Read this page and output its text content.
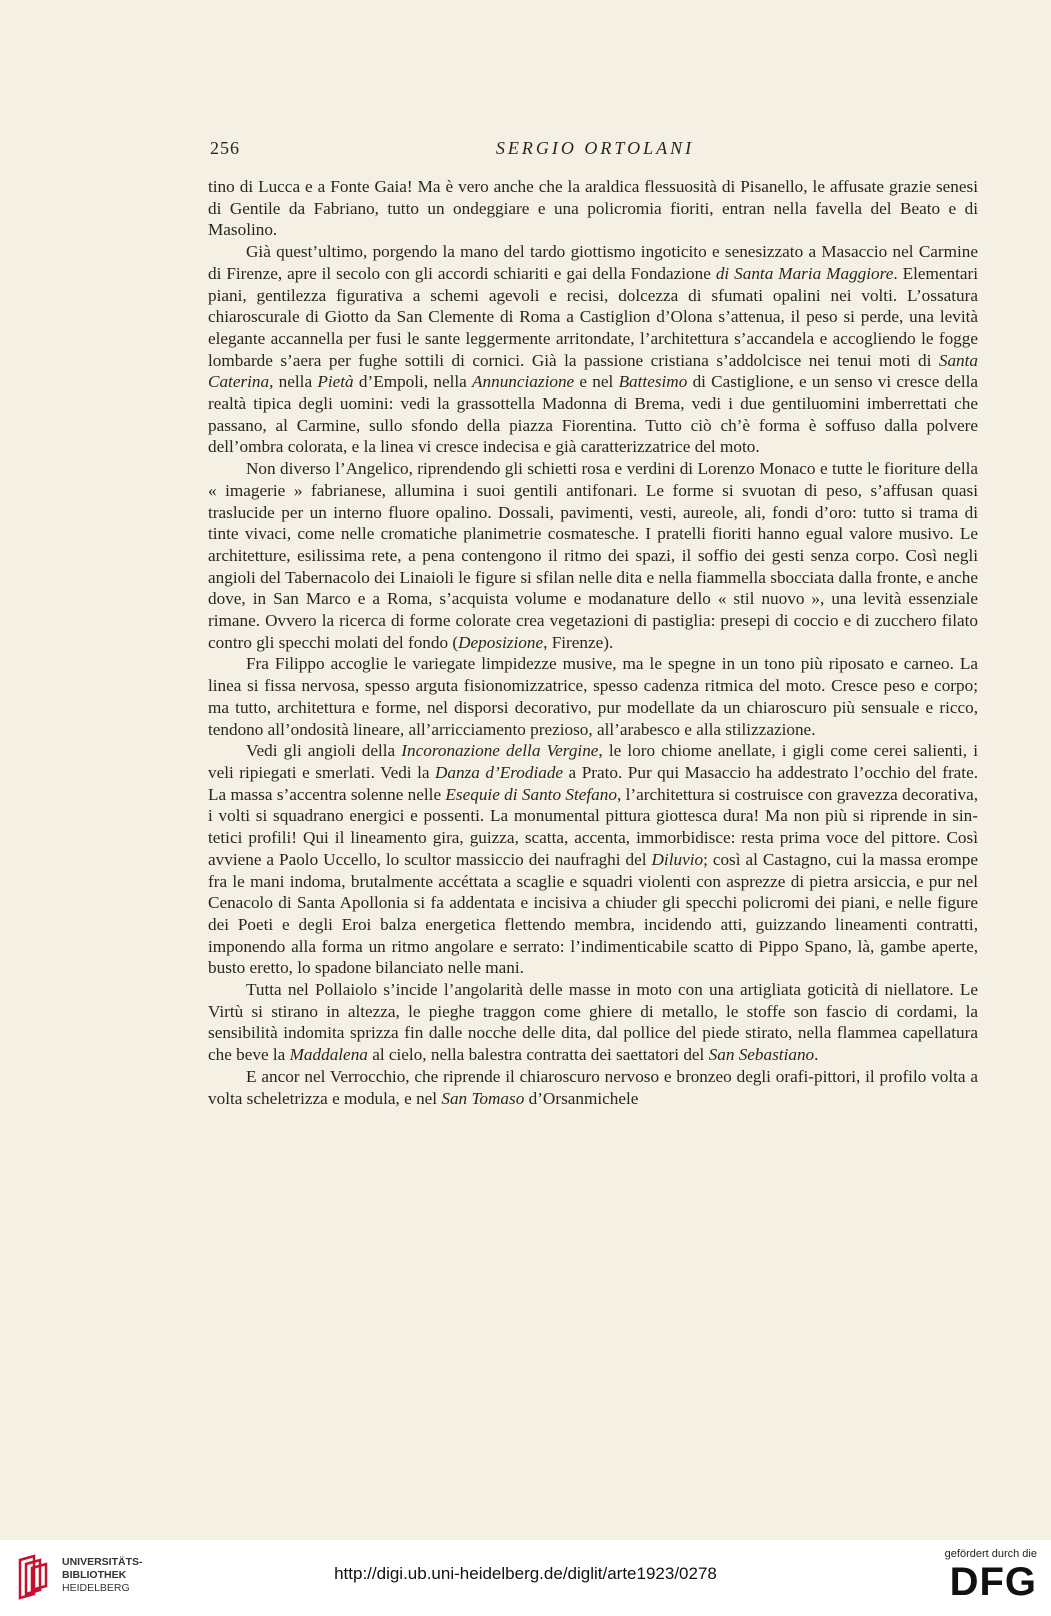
256	SERGIO ORTOLANI

tino di Lucca e a Fonte Gaia! Ma è vero anche che la araldica flessuosità di Pisanello, le affusate grazie senesi di Gentile da Fabriano, tutto un ondeggiare e una policromia fioriti, entran nella favella del Beato e di Masolino.

Già quest’ultimo, porgendo la mano del tardo giottismo ingoticito e senesizzato a Masaccio nel Carmine di Firenze, apre il secolo con gli accordi schiariti e gai della Fondazione di Santa Maria Maggiore. Elementari piani, gentilezza figurativa a schemi agevoli e recisi, dolcezza di sfumati opalini nei volti. L’ossatura chiaroscurale di Giotto da San Clemente di Roma a Castiglion d’Olona s’attenua, il peso si perde, una levità elegante accannella per fusi le sante leggermente arritondate, l’architettura s’accandela e accogliendo le fogge lombarde s’aera per fughe sottili di cornici. Già la passione cristiana s’addolcisce nei tenui moti di Santa Caterina, nella Pietà d’Empoli, nella Annunciazione e nel Battesimo di Castiglione, e un senso vi cresce della realtà tipica degli uomini: vedi la grassottella Madonna di Brema, vedi i due gentiluomini imberrettati che passano, al Carmine, sullo sfondo della piazza Fiorentina. Tutto ciò ch’è forma è soffuso dalla polvere dell’ombra colorata, e la linea vi cresce indecisa e già caratterizzatrice del moto.

Non diverso l’Angelico, riprendendo gli schietti rosa e verdini di Lorenzo Monaco e tutte le fioriture della « imagerie » fabrianese, allumina i suoi gentili antifonari. Le forme si svuotan di peso, s’affusan quasi traslucide per un interno fluore opalino. Dossali, pavimenti, vesti, aureole, ali, fondi d’oro: tutto si trama di tinte vivaci, come nelle cromatiche planimetrie cosmatesche. I pratelli fioriti hanno egual valore musivo. Le architetture, esilissima rete, a pena contengono il ritmo dei spazi, il soffio dei gesti senza corpo. Così negli angioli del Tabernacolo dei Linaioli le figure si sfilan nelle dita e nella fiammella sbocciata dalla fronte, e anche dove, in San Marco e a Roma, s’acquista volume e modanature dello « stil nuovo », una levità essenziale rimane. Ovvero la ricerca di forme colorate crea vegetazioni di pastiglia: presepi di coccio e di zucchero filato contro gli specchi molati del fondo (Deposizione, Firenze).

Fra Filippo accoglie le variegate limpidezze musive, ma le spegne in un tono più riposato e carneo. La linea si fissa nervosa, spesso arguta fisionomizzatrice, spesso cadenza ritmica del moto. Cresce peso e corpo; ma tutto, architettura e forme, nel disporsi decorativo, pur modellate da un chiaroscuro più sensuale e ricco, tendono all’ondosità lineare, all’arricciamento prezioso, all’arabesco e alla stilizzazione.

Vedi gli angioli della Incoronazione della Vergine, le loro chiome anellate, i gigli come cerei salienti, i veli ripiegati e smerlati. Vedi la Danza d’Erodiade a Prato. Pur qui Masaccio ha addestrato l’occhio del frate. La massa s’accentra solenne nelle Esequie di Santo Stefano, l’architettura si costruisce con gravezza decorativa, i volti si squadrano energici e possenti. La monumental pittura giottesca dura! Ma non più si riprende in sintetici profili! Qui il lineamento gira, guizza, scatta, accenta, immorbidisce: resta prima voce del pittore. Così avviene a Paolo Uccello, lo scultor massiccio dei naufraghi del Diluvio; così al Castagno, cui la massa erompe fra le mani indoma, brutalmente accéttata a scaglie e squadri violenti con asprezze di pietra arsiccia, e pur nel Cenacolo di Santa Apollonia si fa addentata e incisiva a chiuder gli specchi policromi dei piani, e nelle figure dei Poeti e degli Eroi balza energetica flettendo membra, incidendo atti, guizzando lineamenti contratti, imponendo alla forma un ritmo angolare e serrato: l’indimenticabile scatto di Pippo Spano, là, gambe aperte, busto eretto, lo spadone bilanciato nelle mani.

Tutta nel Pollaiolo s’incide l’angolarità delle masse in moto con una artigliata goticità di niellatore. Le Virtù si stirano in altezza, le pieghe traggon come ghiere di metallo, le stoffe son fascio di cordami, la sensibilità indomita sprizza fin dalle nocche delle dita, dal pollice del piede stirato, nella flammea capellatura che beve la Maddalena al cielo, nella balestra contratta dei saettatori del San Sebastiano.

E ancor nel Verrocchio, che riprende il chiaroscuro nervoso e bronzeo degli orafi-pittori, il profilo volta a volta scheletrizza e modula, e nel San Tomaso d’Orsanmichele

UNIVERSITÄTS-
BIBLIOTHEK
HEIDELBERG
http://digi.ub.uni-heidelberg.de/diglit/arte1923/0278
gefördert durch die
DFG
